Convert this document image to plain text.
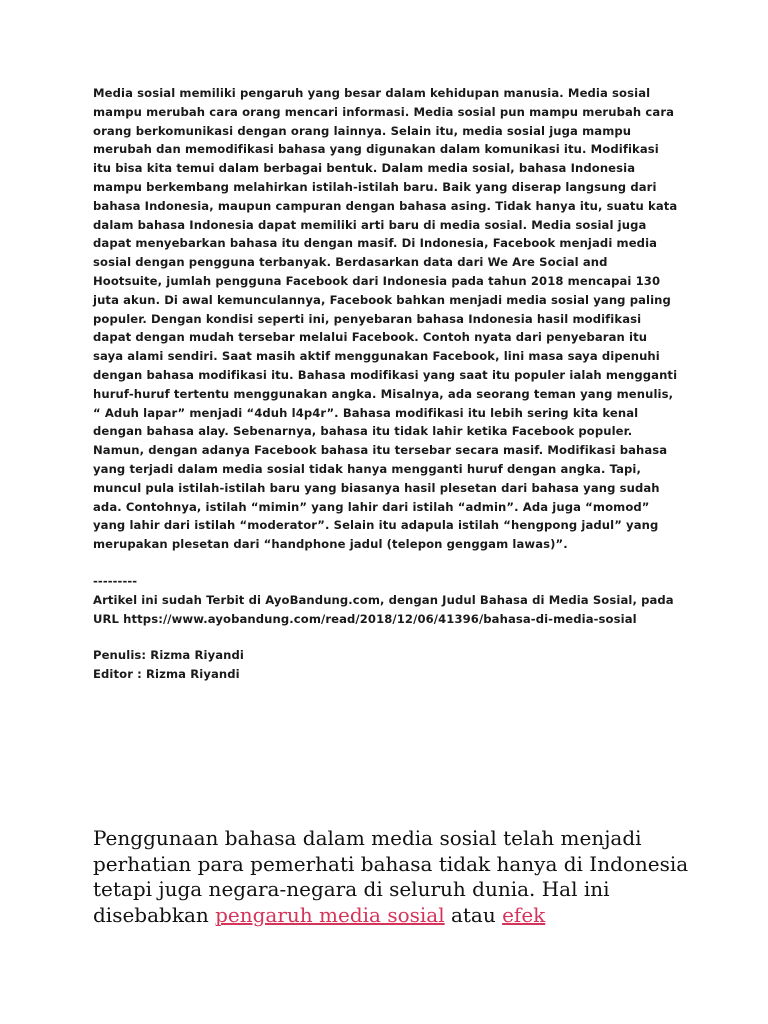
Media sosial memiliki pengaruh yang besar dalam kehidupan manusia. Media sosial mampu merubah cara orang mencari informasi. Media sosial pun mampu merubah cara orang berkomunikasi dengan orang lainnya. Selain itu, media sosial juga mampu merubah dan memodifikasi bahasa yang digunakan dalam komunikasi itu. Modifikasi itu bisa kita temui dalam berbagai bentuk. Dalam media sosial, bahasa Indonesia mampu berkembang melahirkan istilah-istilah baru. Baik yang diserap langsung dari bahasa Indonesia, maupun campuran dengan bahasa asing. Tidak hanya itu, suatu kata dalam bahasa Indonesia dapat memiliki arti baru di media sosial. Media sosial juga dapat menyebarkan bahasa itu dengan masif. Di Indonesia, Facebook menjadi media sosial dengan pengguna terbanyak. Berdasarkan data dari We Are Social and Hootsuite, jumlah pengguna Facebook dari Indonesia pada tahun 2018 mencapai 130 juta akun. Di awal kemunculannya, Facebook bahkan menjadi media sosial yang paling populer. Dengan kondisi seperti ini, penyebaran bahasa Indonesia hasil modifikasi dapat dengan mudah tersebar melalui Facebook. Contoh nyata dari penyebaran itu saya alami sendiri. Saat masih aktif menggunakan Facebook, lini masa saya dipenuhi dengan bahasa modifikasi itu. Bahasa modifikasi yang saat itu populer ialah mengganti huruf-huruf tertentu menggunakan angka. Misalnya, ada seorang teman yang menulis, “ Aduh lapar” menjadi “4duh l4p4r”. Bahasa modifikasi itu lebih sering kita kenal dengan bahasa alay. Sebenarnya, bahasa itu tidak lahir ketika Facebook populer. Namun, dengan adanya Facebook bahasa itu tersebar secara masif. Modifikasi bahasa yang terjadi dalam media sosial tidak hanya mengganti huruf dengan angka. Tapi, muncul pula istilah-istilah baru yang biasanya hasil plesetan dari bahasa yang sudah ada. Contohnya, istilah “mimin” yang lahir dari istilah “admin”. Ada juga “momod” yang lahir dari istilah “moderator”. Selain itu adapula istilah “hengpong jadul” yang merupakan plesetan dari “handphone jadul (telepon genggam lawas)”.

---------

Artikel ini sudah Terbit di AyoBandung.com, dengan Judul Bahasa di Media Sosial, pada URL https://www.ayobandung.com/read/2018/12/06/41396/bahasa-di-media-sosial

Penulis: Rizma Riyandi

Editor : Rizma Riyandi

Penggunaan bahasa dalam media sosial telah menjadi perhatian para pemerhati bahasa tidak hanya di Indonesia tetapi juga negara-negara di seluruh dunia. Hal ini disebabkan pengaruh media sosial atau efek
